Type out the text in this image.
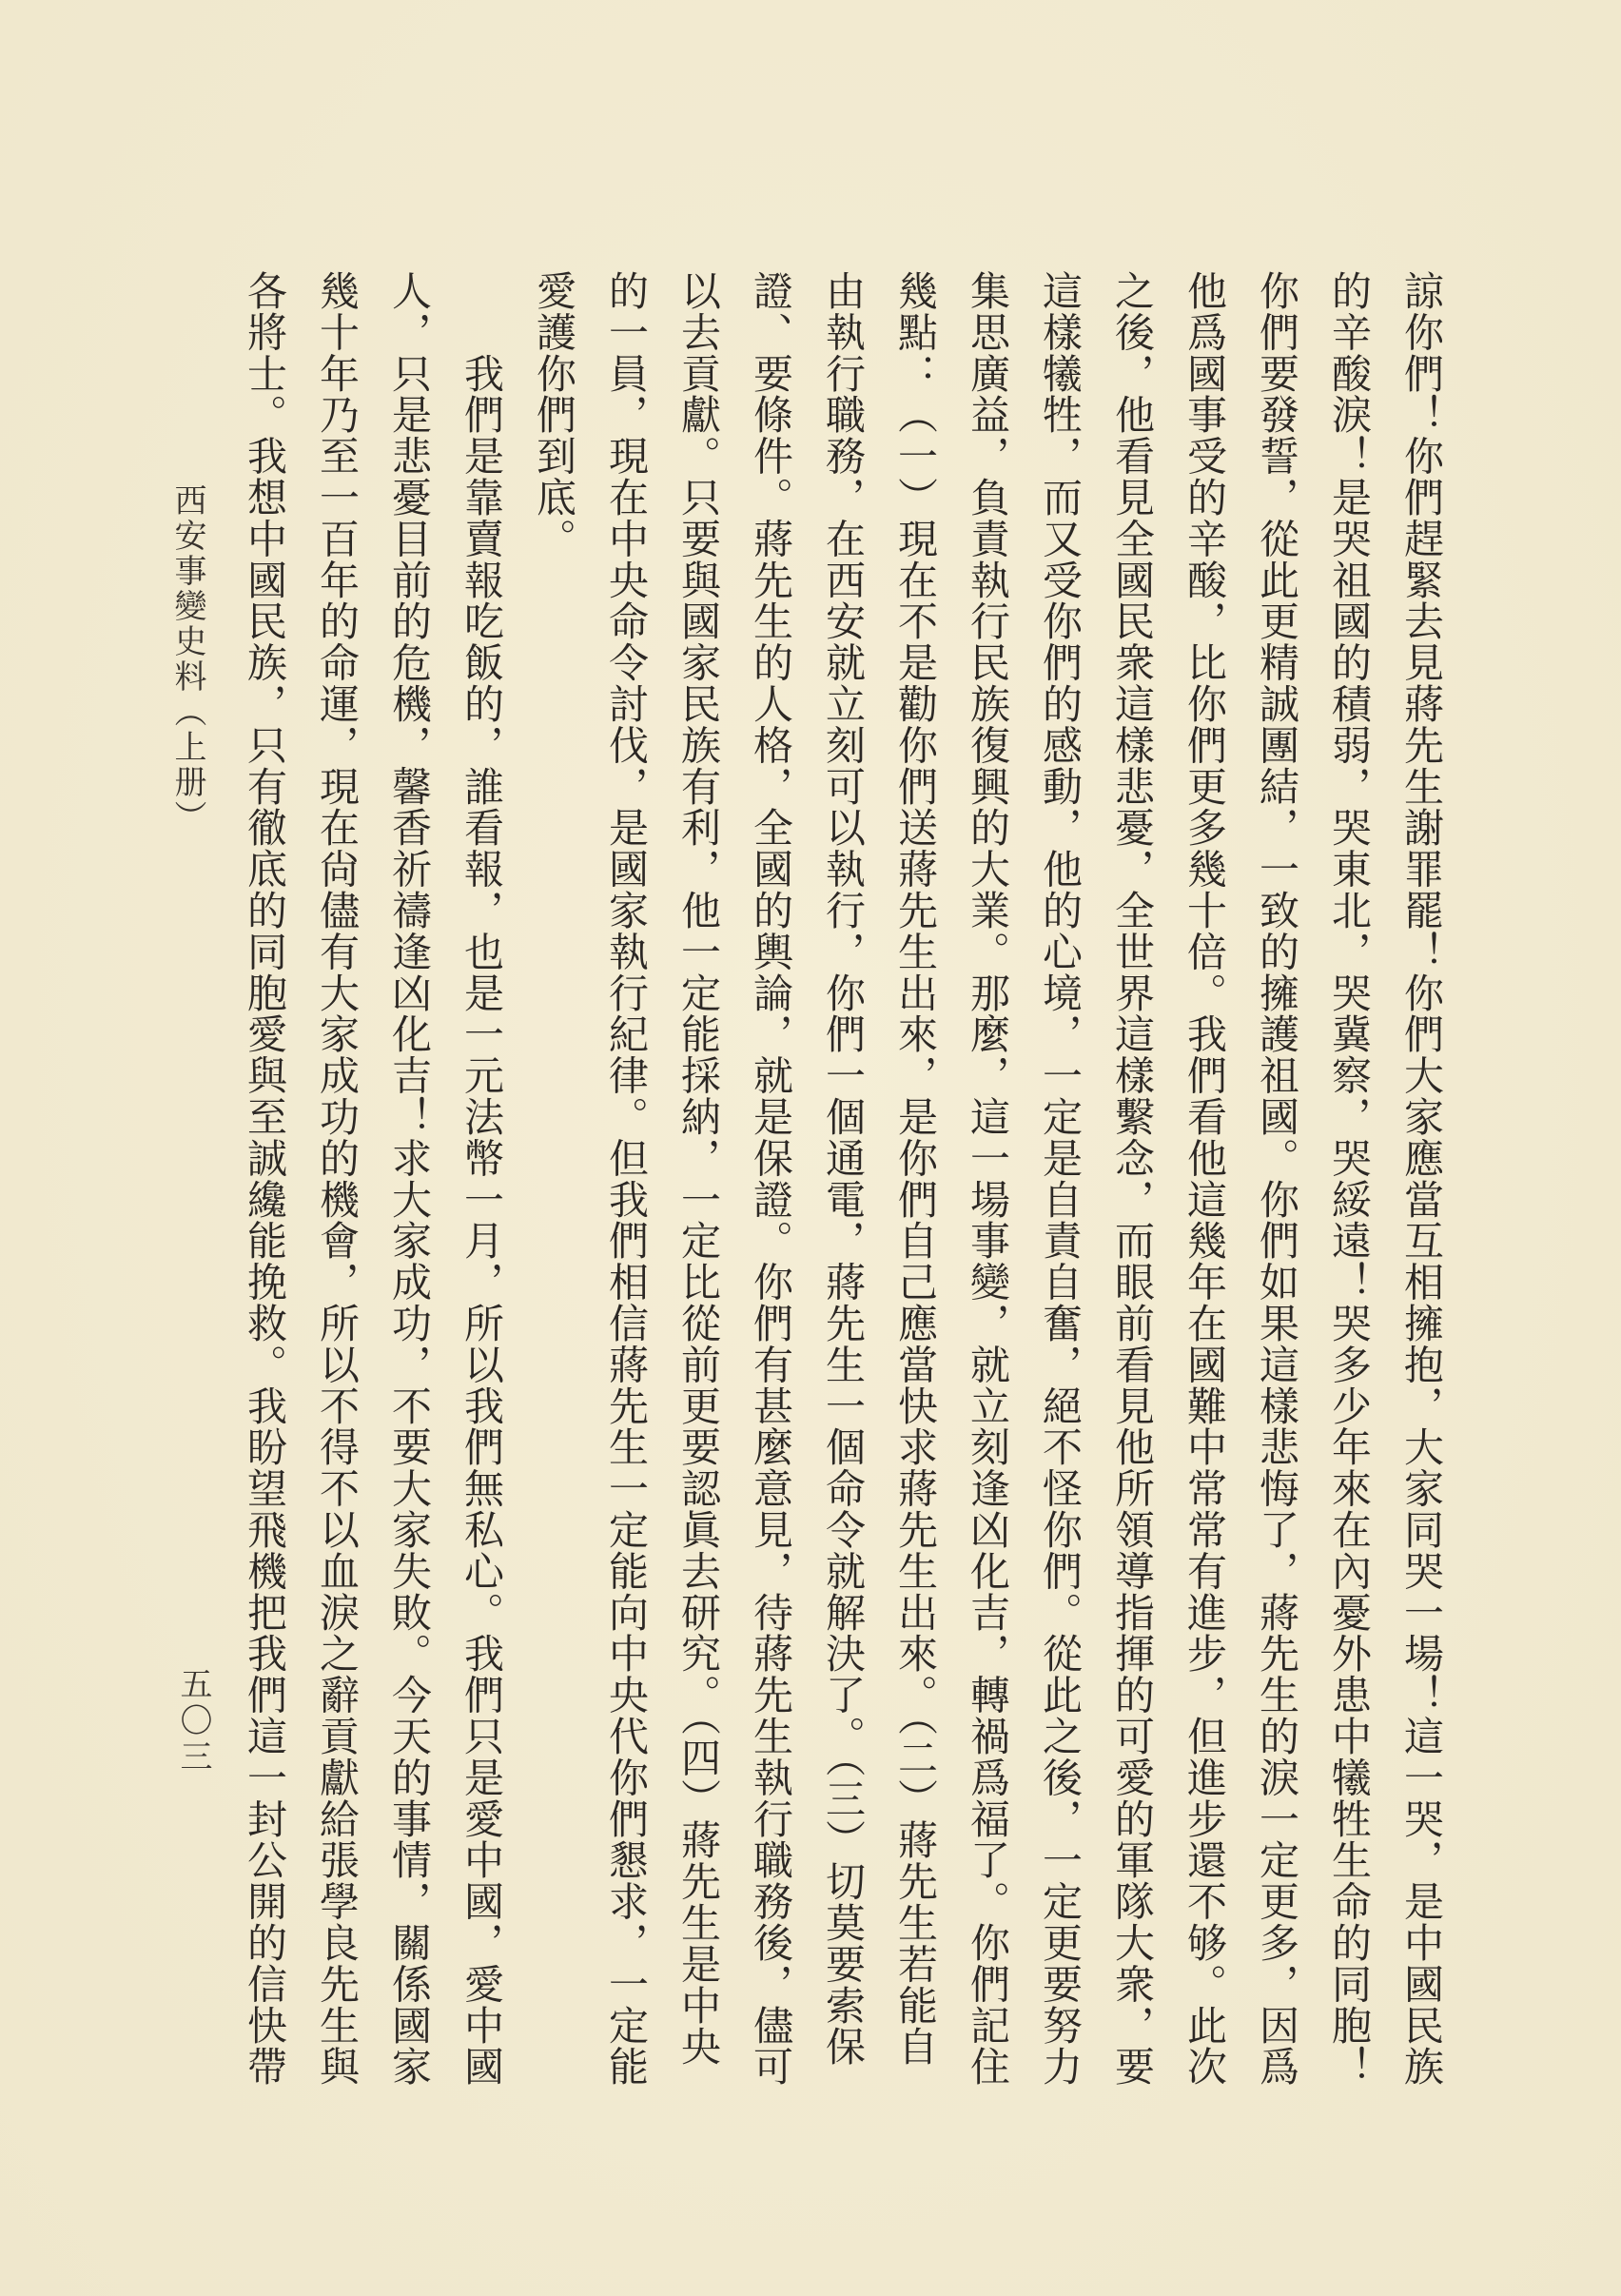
諒你們！你們趕緊去見蔣先生謝罪罷！你們大家應當互相擁抱，大家同哭一場！這一哭，是中國民族
的辛酸淚！是哭祖國的積弱，哭東北，哭冀察，哭綏遠！哭多少年來在內憂外患中犧牲生命的同胞！
你們要發誓，從此更精誠團結，一致的擁護祖國。你們如果這樣悲悔了，蔣先生的淚一定更多，因爲
他爲國事受的辛酸，比你們更多幾十倍。我們看他這幾年在國難中常常有進步，但進步還不够。此次
之後，他看見全國民衆這樣悲憂，全世界這樣繫念，而眼前看見他所領導指揮的可愛的軍隊大衆，要
這樣犧牲，而又受你們的感動，他的心境，一定是自責自奮，絕不怪你們。從此之後，一定更要努力
集思廣益，負責執行民族復興的大業。那麼，這一場事變，就立刻逢凶化吉，轉禍爲福了。你們記住
幾點：（一）現在不是勸你們送蔣先生出來，是你們自己應當快求蔣先生出來。（二）蔣先生若能自
由執行職務，在西安就立刻可以執行，你們一個通電，蔣先生一個命令就解決了。（三）切莫要索保
證、要條件。蔣先生的人格，全國的輿論，就是保證。你們有甚麼意見，待蔣先生執行職務後，儘可
以去貢獻。只要與國家民族有利，他一定能採納，一定比從前更要認眞去研究。（四）蔣先生是中央
的一員，現在中央命令討伐，是國家執行紀律。但我們相信蔣先生一定能向中央代你們懇求，一定能
愛護你們到底。
　　我們是靠賣報吃飯的，誰看報，也是一元法幣一月，所以我們無私心。我們只是愛中國，愛中國
人，只是悲憂目前的危機，馨香祈禱逢凶化吉！求大家成功，不要大家失敗。今天的事情，關係國家
幾十年乃至一百年的命運，現在尙儘有大家成功的機會，所以不得不以血淚之辭貢獻給張學良先生與
各將士。我想中國民族，只有徹底的同胞愛與至誠纔能挽救。我盼望飛機把我們這一封公開的信快帶
西安事變史料（上册）
五〇三
